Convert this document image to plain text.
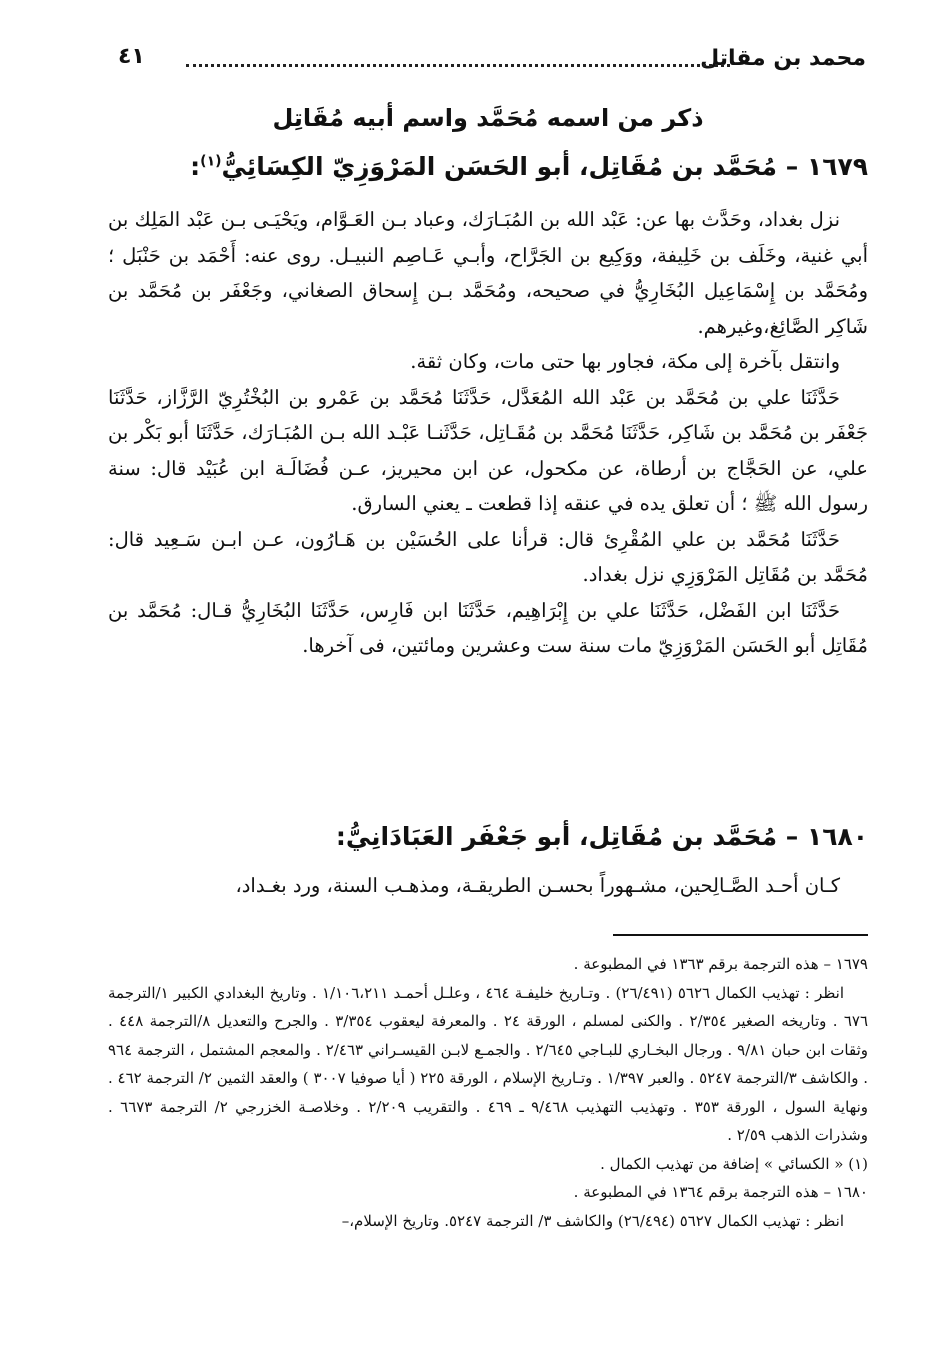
محمد بن مقاتل
٤١
ذكر من اسمه مُحَمَّد واسم أبيه مُقَاتِل
١٦٧٩ – مُحَمَّد بن مُقَاتِل، أبو الحَسَن المَرْوَزِيّ الكِسَائِيُّ$^{(١)}$:

نزل بغداد، وحَدَّث بها عن: عَبْد الله بن المُبَـارَك، وعباد بـن العَـوَّام، ويَحْيَـى بـن عَبْد المَلِك بن أبي غنية، وخَلَف بن خَلِيفة، ووَكِيع بن الجَرَّاح، وأبـي عَـاصِم النبيـل. روى عنه: أَحْمَد بن حَنْبَل ؛ ومُحَمَّد بن إِسْمَاعِيل البُخَارِيُّ في صحيحه، ومُحَمَّد بـن إِسحاق الصغاني، وجَعْفَر بن مُحَمَّد بن شَاكِر الصَّائِغ،وغيرهم.

وانتقل بآخرة إلى مكة، فجاور بها حتى مات، وكان ثقة.

حَدَّثَنَا علي بن مُحَمَّد بن عَبْد الله المُعَدَّل، حَدَّثَنَا مُحَمَّد بن عَمْرو بن البُخْتُرِيّ الرَّزَّاز، حَدَّثَنَا جَعْفَر بن مُحَمَّد بن شَاكِر، حَدَّثَنَا مُحَمَّد بن مُقَـاتِل، حَدَّثَنـا عَبْـد الله بـن المُبَـارَك، حَدَّثَنَا أبو بَكْر بن علي، عن الحَجَّاج بن أرطاة، عن مكحول، عن ابن محيريز، عـن فُضَالَـة ابن عُبَيْد قال: سنة رسول الله ﷺ ؛ أن تعلق يده في عنقه إذا قطعت ـ يعني السارق.

حَدَّثَنَا مُحَمَّد بن علي المُقْرِئ قال: قرأنا على الحُسَيْن بن هَـارُون، عـن ابـن سَـعِيد قال: مُحَمَّد بن مُقَاتِل المَرْوَزِي نزل بغداد.

حَدَّثَنَا ابن الفَضْل، حَدَّثَنَا علي بن إِبْرَاهِيم، حَدَّثَنَا ابن فَارِس، حَدَّثَنَا البُخَارِيُّ قـال: مُحَمَّد بن مُقَاتِل أبو الحَسَن المَرْوَزِيّ مات سنة ست وعشرين ومائتين، فى آخرها.

١٦٨٠ – مُحَمَّد بن مُقَاتِل، أبو جَعْفَر العَبَادَانِيُّ:

كـان أحـد الصَّـالِحين، مشـهوراً بحسـن الطريقـة، ومذهـب السنة، ورد بغـداد،

١٦٧٩ – هذه الترجمة برقم ١٣٦٣ في المطبوعة .

انظر : تهذيب الكمال ٥٦٢٦ (٢٦/٤٩١) . وتـاريخ خليفـة ٤٦٤ ، وعلـل أحمـد ١/١٠٦،٢١١ . وتاريخ البغدادي الكبير ١/الترجمة ٦٧٦ . وتاريخه الصغير ٢/٣٥٤ . والكنى لمسلم ، الورقة ٢٤ . والمعرفة ليعقوب ٣/٣٥٤ . والجرح والتعديل ٨/الترجمة ٤٤٨ . وثقات ابن حبان ٩/٨١ . ورجال البخـاري للبـاجي ٢/٦٤٥ . والجمـع لابـن القيسـراني ٢/٤٦٣ . والمعجم المشتمل ، الترجمة ٩٦٤ . والكاشف ٣/الترجمة ٥٢٤٧ . والعبر ١/٣٩٧ . وتـاريخ الإسلام ، الورقة ٢٢٥ ( أيا صوفيا ٣٠٠٧ ) والعقد الثمين ٢/ الترجمة ٤٦٢ . ونهاية السول ، الورقة ٣٥٣ . وتهذيب التهذيب ٩/٤٦٨ ـ ٤٦٩ . والتقريب ٢/٢٠٩ . وخلاصـة الخزرجي ٢/ الترجمة ٦٦٧٣ . وشذرات الذهب ٢/٥٩ .

(١) « الكسائي » إضافة من تهذيب الكمال .

١٦٨٠ – هذه الترجمة برقم ١٣٦٤ في المطبوعة .

انظر : تهذيب الكمال ٥٦٢٧ (٢٦/٤٩٤) والكاشف ٣/ الترجمة ٥٢٤٧. وتاريخ الإسلام،–
